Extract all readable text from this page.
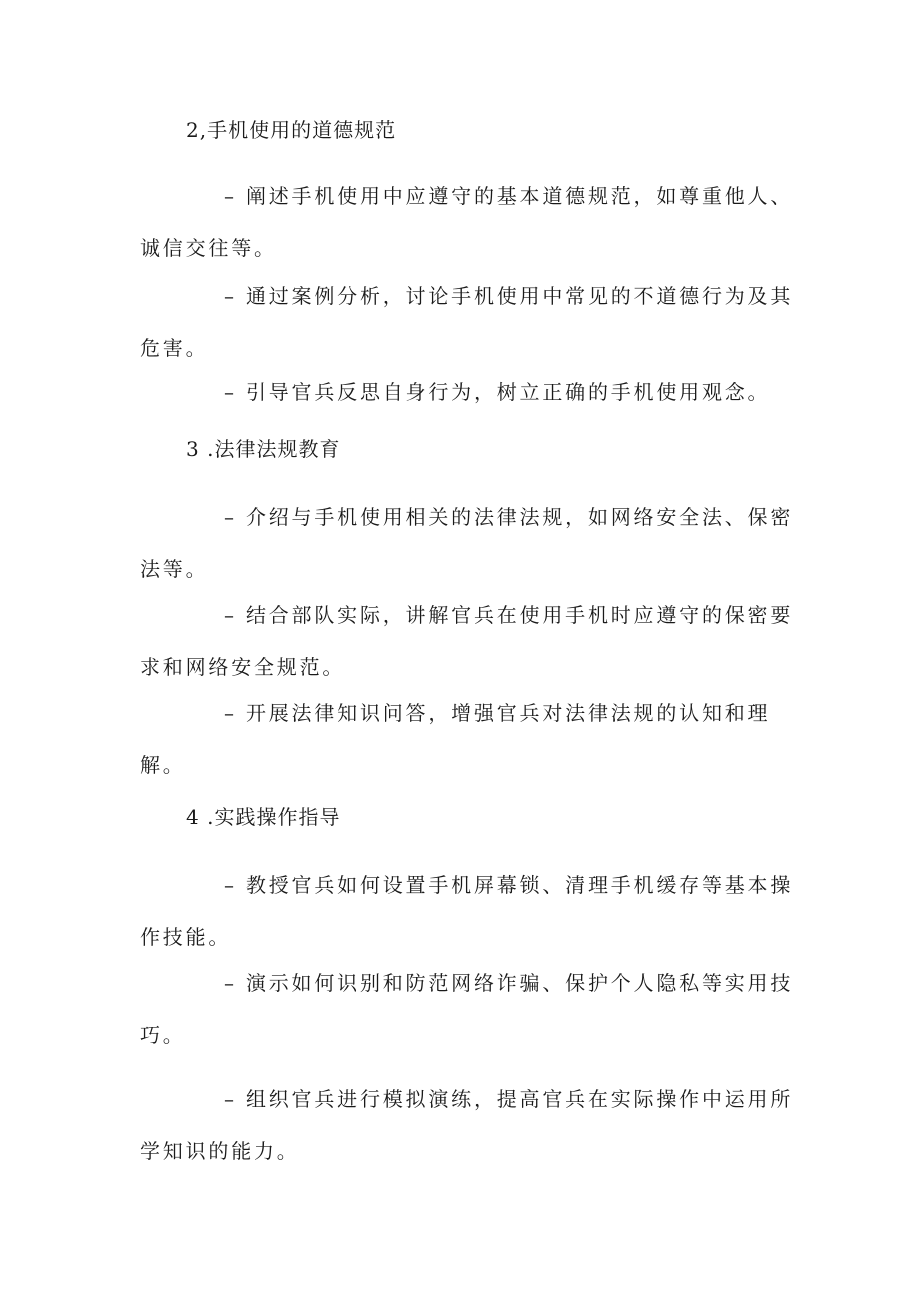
2,手机使用的道德规范

– 阐述手机使用中应遵守的基本道德规范，如尊重他人、诚信交往等。

– 通过案例分析，讨论手机使用中常见的不道德行为及其危害。

– 引导官兵反思自身行为，树立正确的手机使用观念。

3 .法律法规教育

– 介绍与手机使用相关的法律法规，如网络安全法、保密法等。

– 结合部队实际，讲解官兵在使用手机时应遵守的保密要求和网络安全规范。

– 开展法律知识问答，增强官兵对法律法规的认知和理解。

4 .实践操作指导

– 教授官兵如何设置手机屏幕锁、清理手机缓存等基本操作技能。

– 演示如何识别和防范网络诈骗、保护个人隐私等实用技巧。

– 组织官兵进行模拟演练，提高官兵在实际操作中运用所学知识的能力。
